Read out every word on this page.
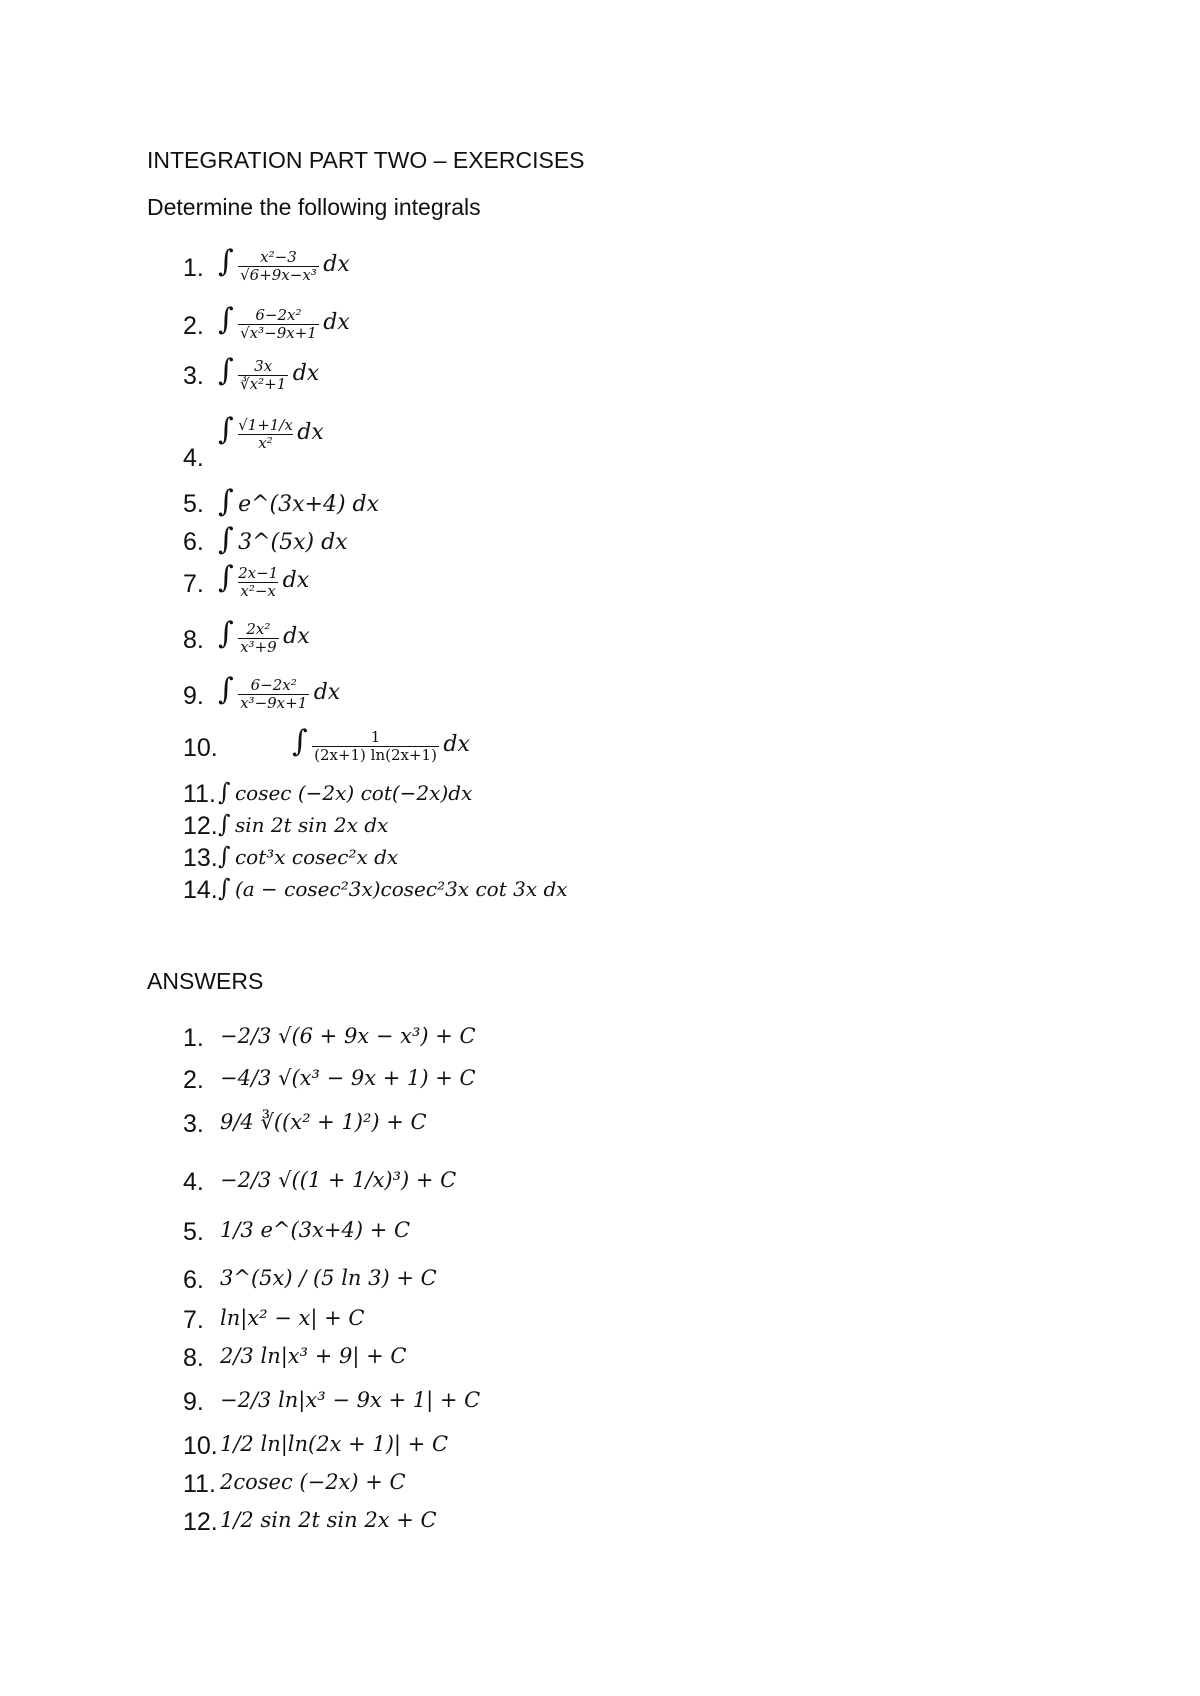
INTEGRATION PART TWO – EXERCISES
Determine the following integrals
1.
2.
3.
4.
5.
6.
7.
8.
9.
10.
11.
12.
13.
14.
∫ $\frac{\text{x²−3}}{\text{√6+9x−x³}}$ dx
∫ $\frac{\text{6−2x²}}{\text{√x³−9x+1}}$ dx
∫ $\frac{3x}{\text{∛x²+1}}$ dx
∫ $\frac{√1+1/x}{\text{x²}}$ dx
∫ e^(3x+4) dx
∫ 3^(5x) dx
∫ $\frac{2x-1}{\text{x²−x}}$ dx
∫ $\frac{\text{2x²}}{\text{x³+9}}$ dx
∫ $\frac{\text{6−2x²}}{\text{x³−9x+1}}$ dx
∫ $\frac{1}{(2x+1) \ln(2x+1)}$ dx
∫ cosec (−2x) cot(−2x)dx
∫ sin 2t sin 2x dx
∫ cot³x cosec²x dx
∫ (a − cosec²3x)cosec²3x cot 3x dx
ANSWERS
1.
2.
3.
4.
5.
6.
7.
8.
9.
10.
11.
12.
−2/3 √(6 + 9x − x³) + C
−4/3 √(x³ − 9x + 1) + C
9/4 ∛((x² + 1)²) + C
−2/3 √((1 + 1/x)³) + C
1/3 e^(3x+4) + C
3^(5x) / (5 ln 3) + C
ln|x² − x| + C
2/3 ln|x³ + 9| + C
−2/3 ln|x³ − 9x + 1| + C
1/2 ln|ln(2x + 1)| + C
2cosec (−2x) + C
1/2 sin 2t sin 2x + C
